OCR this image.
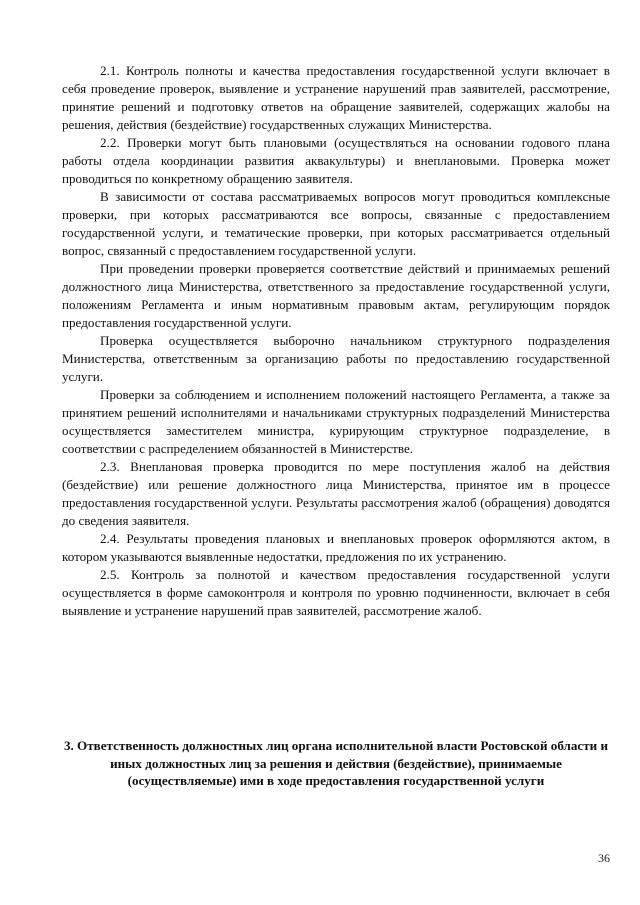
2.1. Контроль полноты и качества предоставления государственной услуги включает в себя проведение проверок, выявление и устранение нарушений прав заявителей, рассмотрение, принятие решений и подготовку ответов на обращение заявителей, содержащих жалобы на решения, действия (бездействие) государственных служащих Министерства.

2.2. Проверки могут быть плановыми (осуществляться на основании годового плана работы отдела координации развития аквакультуры) и внеплановыми. Проверка может проводиться по конкретному обращению заявителя.

В зависимости от состава рассматриваемых вопросов могут проводиться комплексные проверки, при которых рассматриваются все вопросы, связанные с предоставлением государственной услуги, и тематические проверки, при которых рассматривается отдельный вопрос, связанный с предоставлением государственной услуги.

При проведении проверки проверяется соответствие действий и принимаемых решений должностного лица Министерства, ответственного за предоставление государственной услуги, положениям Регламента и иным нормативным правовым актам, регулирующим порядок предоставления государственной услуги.

Проверка осуществляется выборочно начальником структурного подразделения Министерства, ответственным за организацию работы по предоставлению государственной услуги.

Проверки за соблюдением и исполнением положений настоящего Регламента, а также за принятием решений исполнителями и начальниками структурных подразделений Министерства осуществляется заместителем министра, курирующим структурное подразделение, в соответствии с распределением обязанностей в Министерстве.

2.3. Внеплановая проверка проводится по мере поступления жалоб на действия (бездействие) или решение должностного лица Министерства, принятое им в процессе предоставления государственной услуги. Результаты рассмотрения жалоб (обращения) доводятся до сведения заявителя.

2.4. Результаты проведения плановых и внеплановых проверок оформляются актом, в котором указываются выявленные недостатки, предложения по их устранению.

2.5. Контроль за полнотой и качеством предоставления государственной услуги осуществляется в форме самоконтроля и контроля по уровню подчиненности, включает в себя выявление и устранение нарушений прав заявителей, рассмотрение жалоб.

3. Ответственность должностных лиц органа исполнительной власти Ростовской области и иных должностных лиц за решения и действия (бездействие), принимаемые (осуществляемые) ими в ходе предоставления государственной услуги

36
